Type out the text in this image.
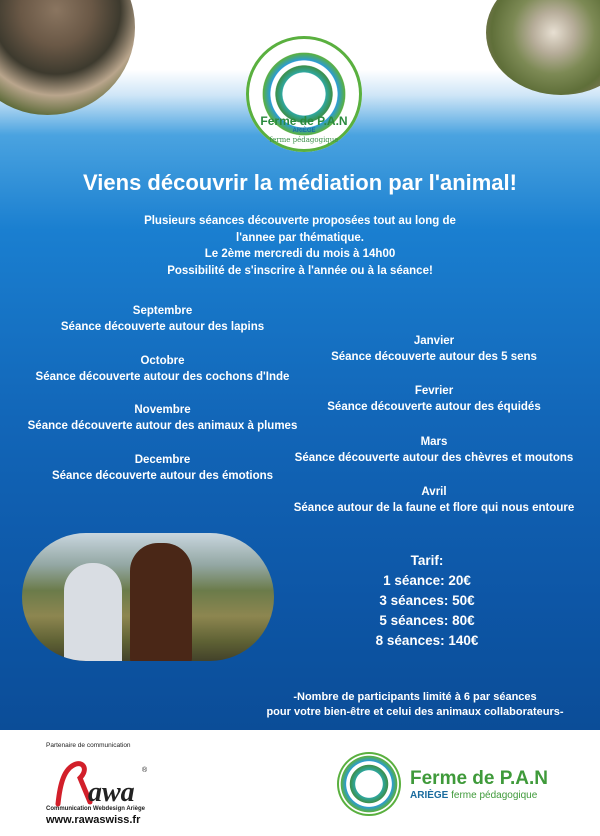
Ferme de P.A.N
ARIÈGE
ferme pédagogique
Viens découvrir la médiation par l'animal!
Plusieurs séances découverte proposées tout au long de
l'annee par thématique.
Le 2ème mercredi du mois à 14h00
Possibilité de s'inscrire à l'année ou à la séance!
Septembre
Séance découverte autour des lapins
Octobre
Séance découverte autour des cochons d'Inde
Novembre
Séance découverte autour des animaux à plumes
Decembre
Séance découverte autour des émotions
Janvier
Séance découverte autour des 5 sens
Fevrier
Séance découverte autour des équidés
Mars
Séance découverte autour des chèvres et moutons
Avril
Séance autour de la faune et flore qui nous entoure
Tarif:
1 séance: 20€
3 séances: 50€
5 séances: 80€
8 séances: 140€
-Nombre de participants limité à 6 par séances
pour votre bien-être et celui des animaux collaborateurs-
Partenaire de communication
awa
®
Communication Webdesign Ariège
www.rawaswiss.fr
Ferme de P.A.N
ARIÈGE ferme pédagogique
